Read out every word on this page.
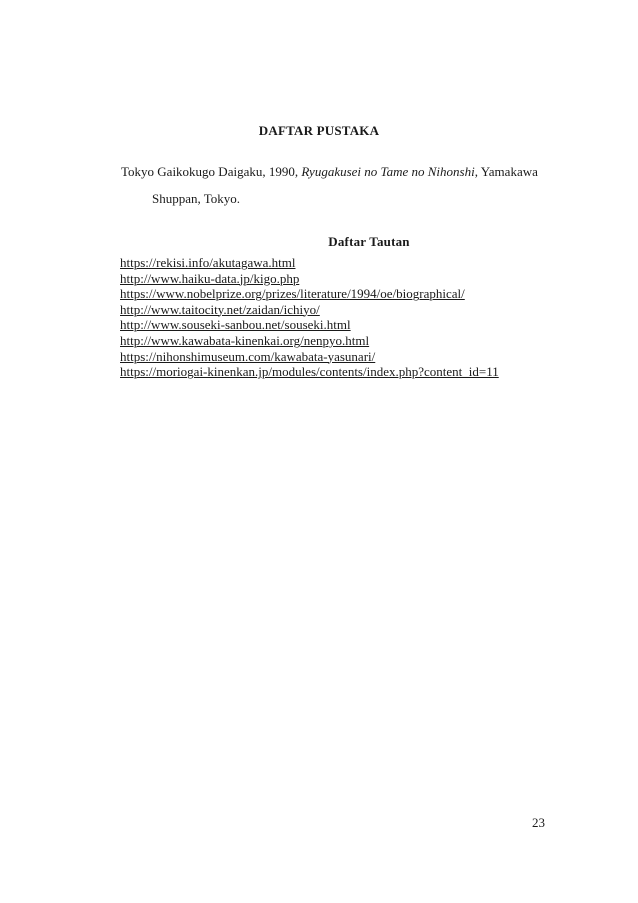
DAFTAR PUSTAKA
Tokyo Gaikokugo Daigaku, 1990, Ryugakusei no Tame no Nihonshi, Yamakawa
Shuppan, Tokyo.
Daftar Tautan
https://rekisi.info/akutagawa.html
http://www.haiku-data.jp/kigo.php
https://www.nobelprize.org/prizes/literature/1994/oe/biographical/
http://www.taitocity.net/zaidan/ichiyo/
http://www.souseki-sanbou.net/souseki.html
http://www.kawabata-kinenkai.org/nenpyo.html
https://nihonshimuseum.com/kawabata-yasunari/
https://moriogai-kinenkan.jp/modules/contents/index.php?content_id=11
23
